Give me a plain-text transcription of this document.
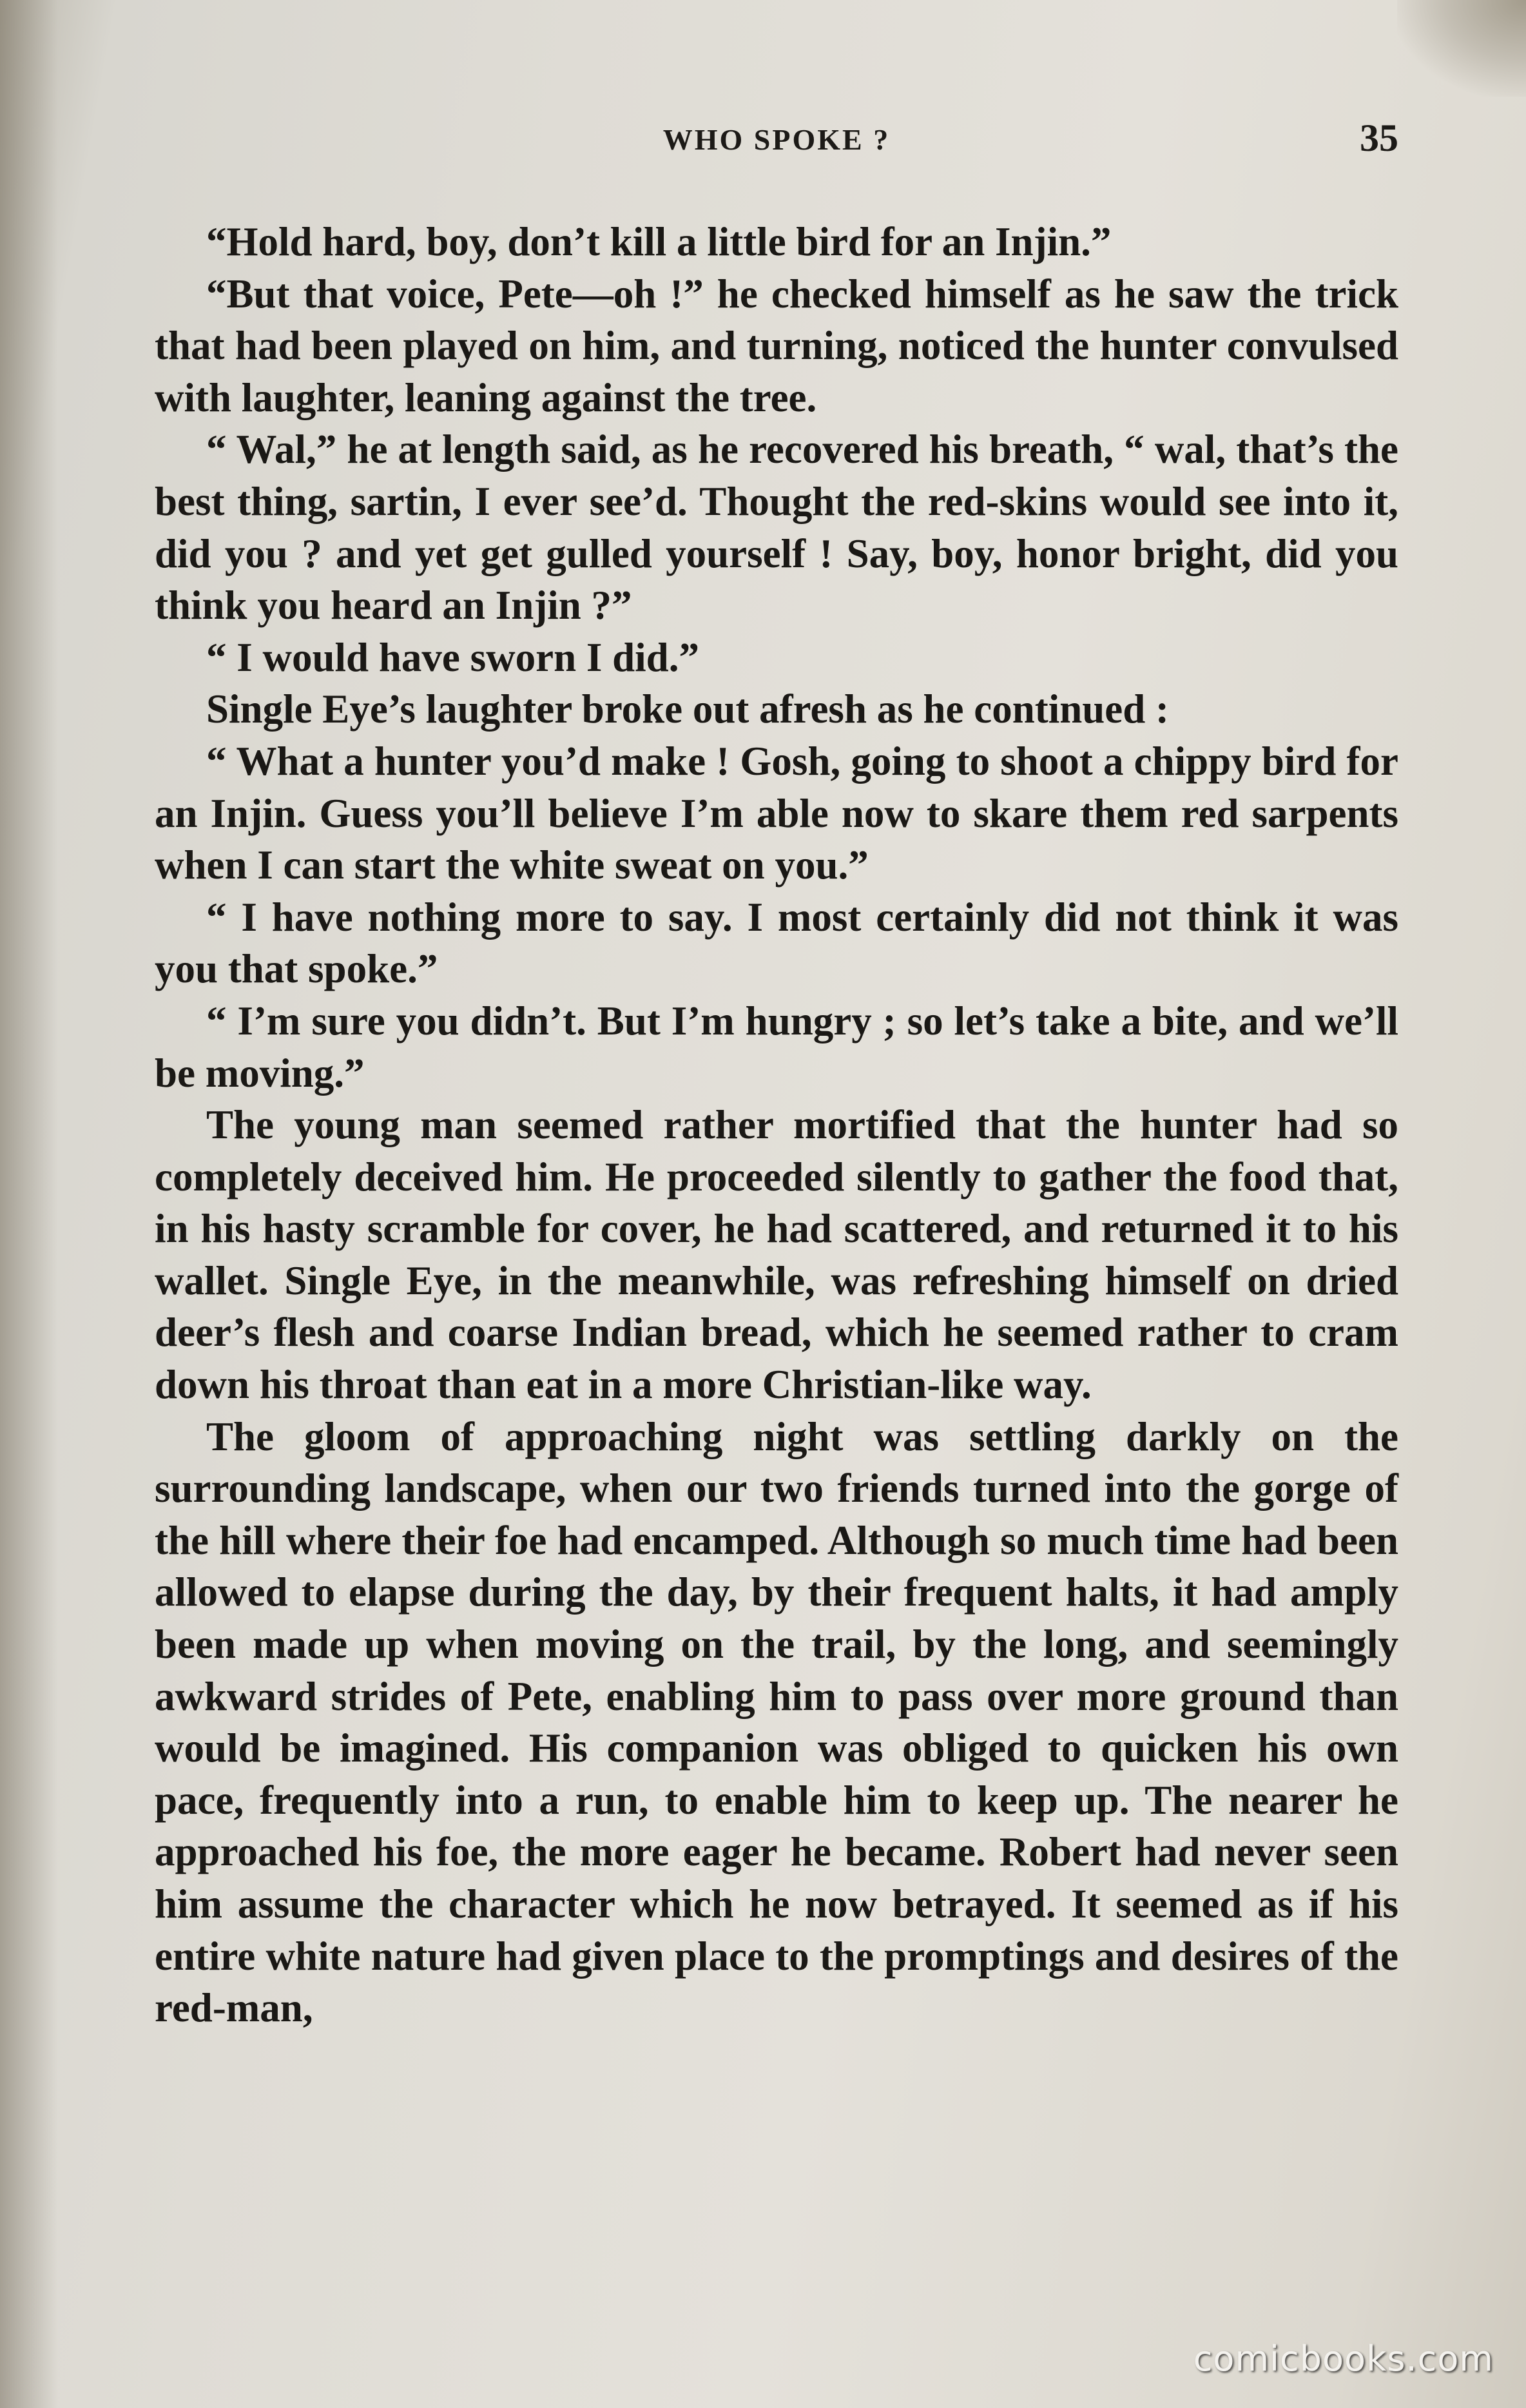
WHO SPOKE ?	35

“Hold hard, boy, don’t kill a little bird for an Injin.”

“But that voice, Pete—oh !” he checked himself as he saw the trick that had been played on him, and turning, noticed the hunter convulsed with laughter, leaning against the tree.

“ Wal,” he at length said, as he recovered his breath, “ wal, that’s the best thing, sartin, I ever see’d. Thought the red-skins would see into it, did you ? and yet get gulled yourself ! Say, boy, honor bright, did you think you heard an Injin ?”

“ I would have sworn I did.”

Single Eye’s laughter broke out afresh as he continued :

“ What a hunter you’d make ! Gosh, going to shoot a chippy bird for an Injin. Guess you’ll believe I’m able now to skare them red sarpents when I can start the white sweat on you.”

“ I have nothing more to say. I most certainly did not think it was you that spoke.”

“ I’m sure you didn’t. But I’m hungry ; so let’s take a bite, and we’ll be moving.”

The young man seemed rather mortified that the hunter had so completely deceived him. He proceeded silently to gather the food that, in his hasty scramble for cover, he had scattered, and returned it to his wallet. Single Eye, in the meanwhile, was refreshing himself on dried deer’s flesh and coarse Indian bread, which he seemed rather to cram down his throat than eat in a more Christian-like way.

The gloom of approaching night was settling darkly on the surrounding landscape, when our two friends turned into the gorge of the hill where their foe had encamped. Although so much time had been allowed to elapse during the day, by their frequent halts, it had amply been made up when moving on the trail, by the long, and seemingly awkward strides of Pete, enabling him to pass over more ground than would be imagined. His companion was obliged to quicken his own pace, frequently into a run, to enable him to keep up. The nearer he approached his foe, the more eager he became. Robert had never seen him assume the character which he now betrayed. It seemed as if his entire white nature had given place to the promptings and desires of the red-man,

comicbooks.com
